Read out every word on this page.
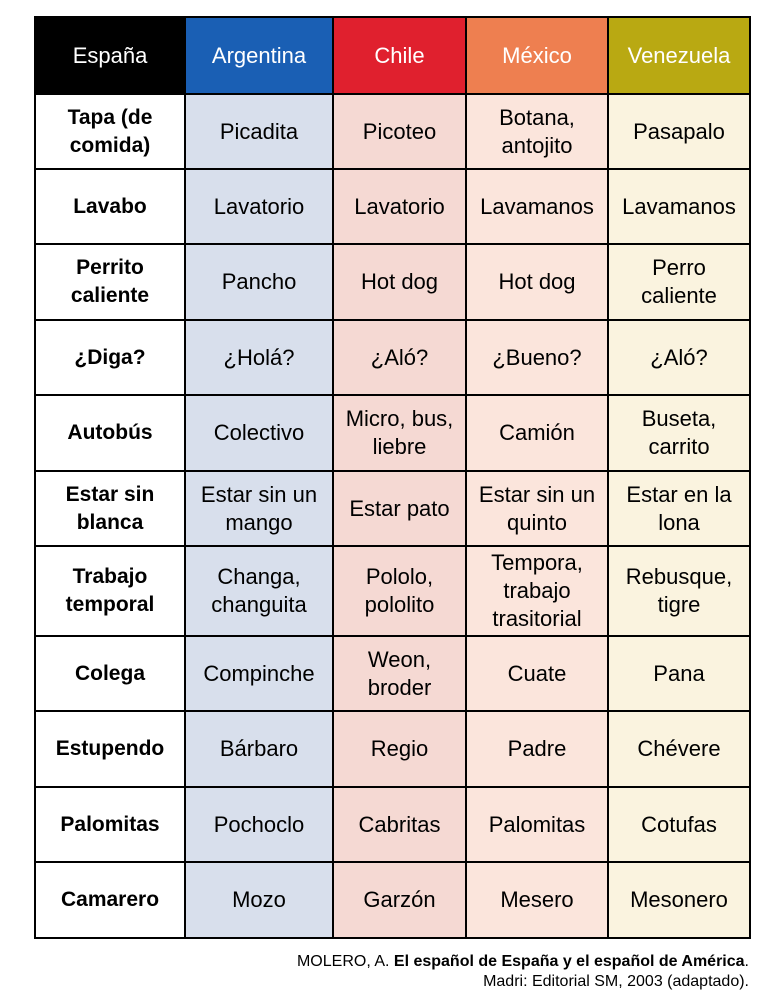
España	Argentina	Chile	México	Venezuela
Tapa (de comida)	Picadita	Picoteo	Botana, antojito	Pasapalo
Lavabo	Lavatorio	Lavatorio	Lavamanos	Lavamanos
Perrito caliente	Pancho	Hot dog	Hot dog	Perro caliente
¿Diga?	¿Holá?	¿Aló?	¿Bueno?	¿Aló?
Autobús	Colectivo	Micro, bus, liebre	Camión	Buseta, carrito
Estar sin blanca	Estar sin un mango	Estar pato	Estar sin un quinto	Estar en la lona
Trabajo temporal	Changa, changuita	Pololo, pololito	Tempora, trabajo trasitorial	Rebusque, tigre
Colega	Compinche	Weon, broder	Cuate	Pana
Estupendo	Bárbaro	Regio	Padre	Chévere
Palomitas	Pochoclo	Cabritas	Palomitas	Cotufas
Camarero	Mozo	Garzón	Mesero	Mesonero
MOLERO, A. El español de España y el español de América.
Madri: Editorial SM, 2003 (adaptado).
